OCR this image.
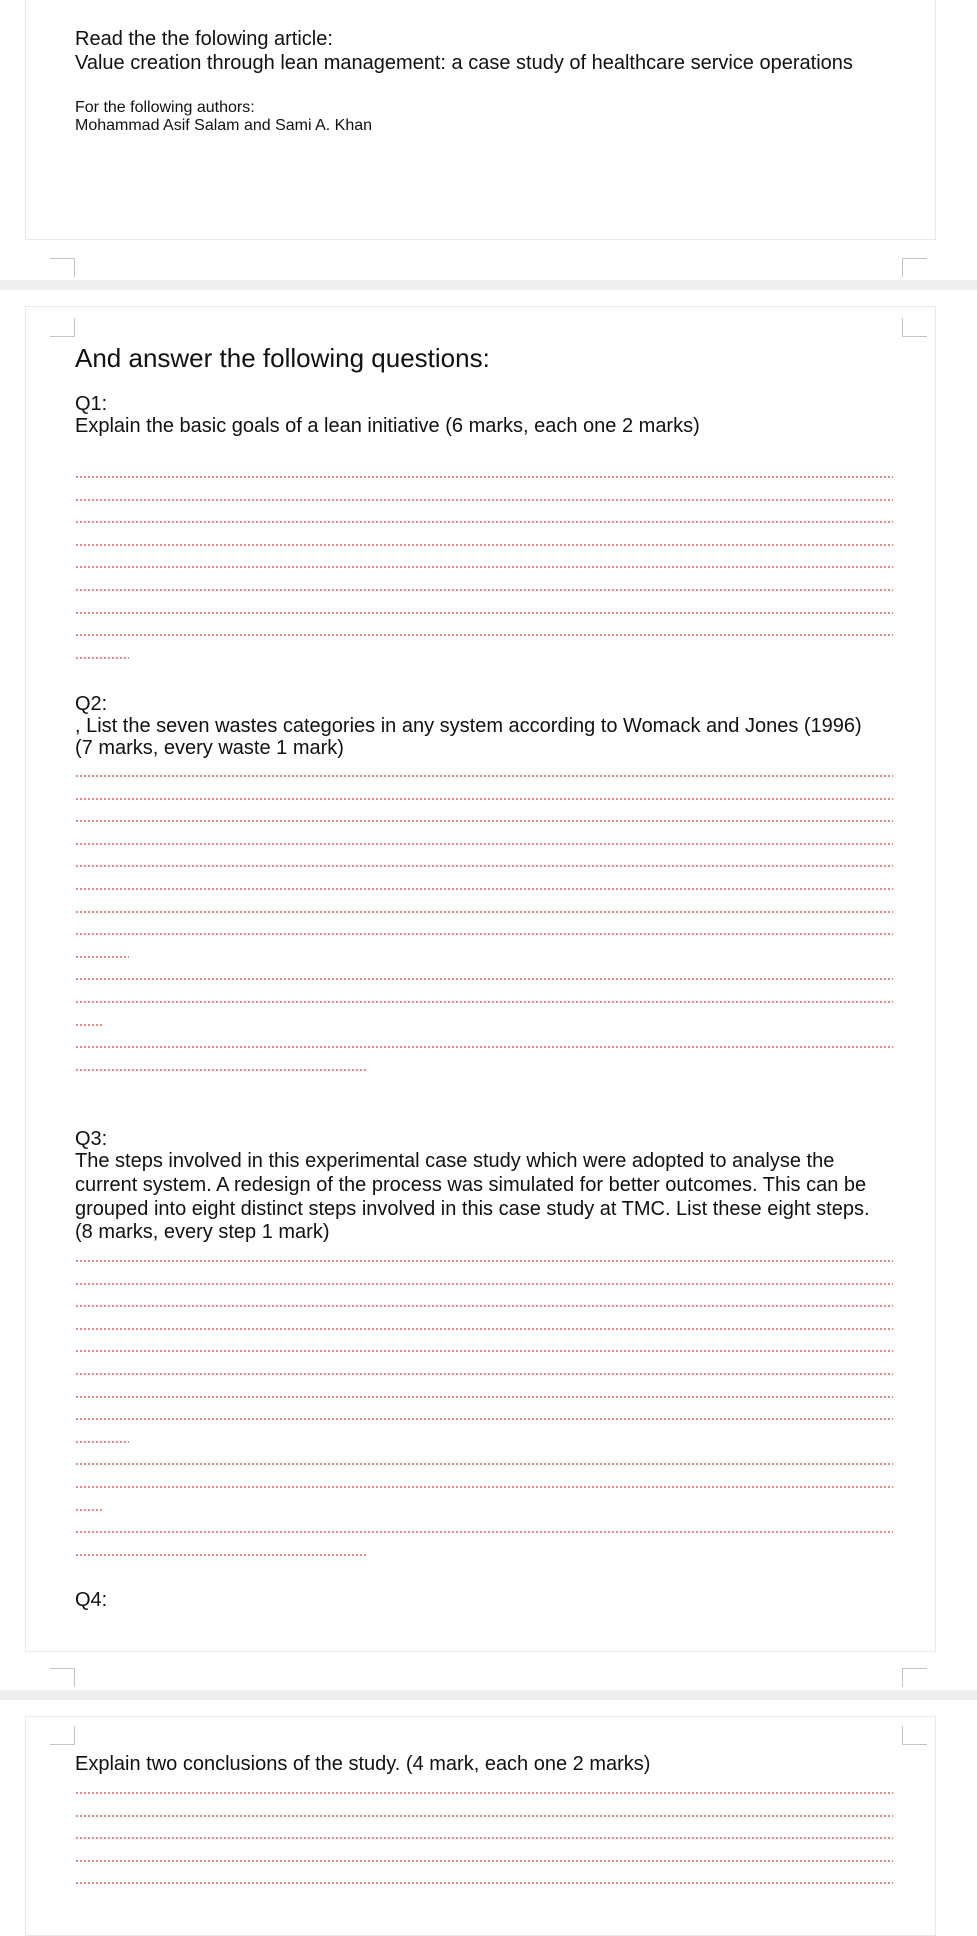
Read the the folowing article:
Value creation through lean management: a case study of healthcare service operations
For the following authors:
Mohammad Asif Salam and Sami A. Khan
And answer the following questions:
Q1:
Explain the basic goals of a lean initiative (6 marks, each one 2 marks)
Q2:
, List the seven wastes categories in any system according to Womack and Jones (1996)
(7 marks, every waste 1 mark)
Q3:
The steps involved in this experimental case study which were adopted to analyse the current system. A redesign of the process was simulated for better outcomes. This can be grouped into eight distinct steps involved in this case study at TMC. List these eight steps.
(8 marks, every step 1 mark)
Q4:
Explain two conclusions of the study. (4 mark, each one 2 marks)
